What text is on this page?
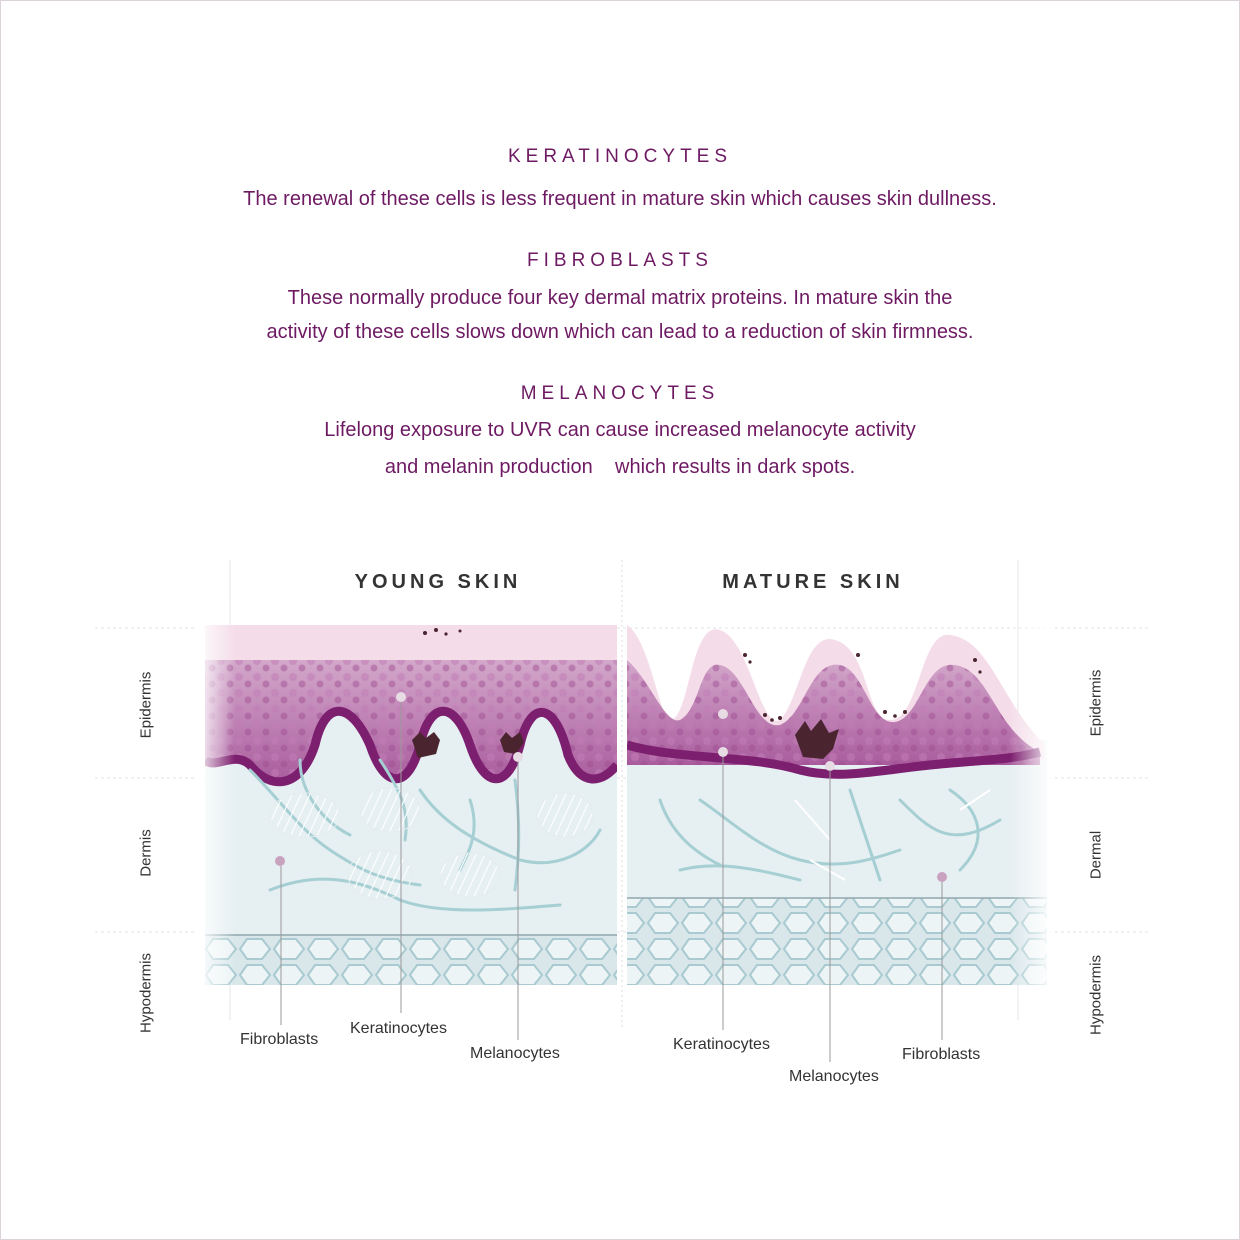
KERATINOCYTES
The renewal of these cells is less frequent in mature skin which causes skin dullness.
FIBROBLASTS
These normally produce four key dermal matrix proteins. In mature skin the
activity of these cells slows down which can lead to a reduction of skin firmness.
MELANOCYTES
Lifelong exposure to UVR can cause increased melanocyte activity
and melanin production    which results in dark spots.
YOUNG SKIN	MATURE SKIN
Epidermis
Dermis
Hypodermis
Epidermis
Dermal
Hypodermis
Fibroblasts
Keratinocytes
Melanocytes
Keratinocytes
Melanocytes
Fibroblasts
